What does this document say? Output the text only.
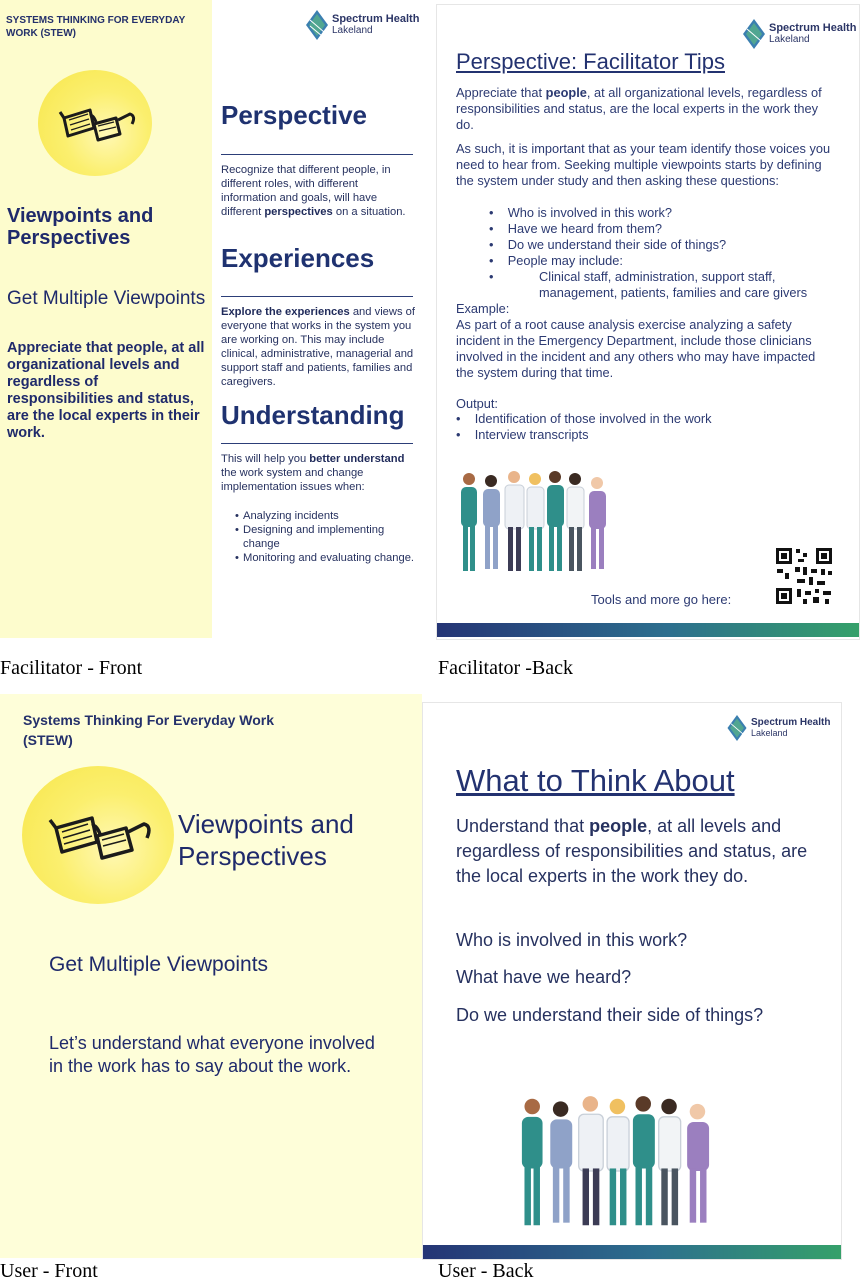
SYSTEMS THINKING FOR EVERYDAY WORK (STEW)
Viewpoints and Perspectives
Get Multiple Viewpoints
Appreciate that people, at all organizational levels and regardless of responsibilities and status, are the local experts in their work.
Spectrum Health
Lakeland
Perspective
Recognize that different people, in different roles, with different information and goals, will have different perspectives on a situation.
Experiences
Explore the experiences and views of everyone that works in the system you are working on. This may include clinical, administrative, managerial and support staff and patients, families and caregivers.
Understanding
This will help you better understand the work system and change implementation issues when:
• Analyzing incidents
• Designing and implementing change
• Monitoring and evaluating change.
Spectrum Health
Lakeland
Perspective: Facilitator Tips
Appreciate that people, at all organizational levels, regardless of responsibilities and status, are the local experts in the work they do.
As such, it is important that as your team identify those voices you need to hear from. Seeking multiple viewpoints starts by defining the system under study and then asking these questions:
•    Who is involved in this work?
•    Have we heard from them?
•    Do we understand their side of things?
•    People may include:
•	Clinical staff, administration, support staff, management, patients, families and care givers
Example:
As part of a root cause analysis exercise analyzing a safety incident in the Emergency Department, include those clinicians involved in the incident and any others who may have impacted the system during that time.
Output:
•    Identification of those involved in the work
•    Interview transcripts
Tools and more go here:
Facilitator - Front	Facilitator -Back
Systems Thinking For Everyday Work (STEW)
Viewpoints and Perspectives
Get Multiple Viewpoints
Let’s understand what everyone involved in the work has to say about the work.
Spectrum Health
Lakeland
What to Think About
Understand that people, at all levels and regardless of responsibilities and status, are the local experts in the work they do.
Who is involved in this work?
What have we heard?
Do we understand their side of things?
User - Front	User - Back
